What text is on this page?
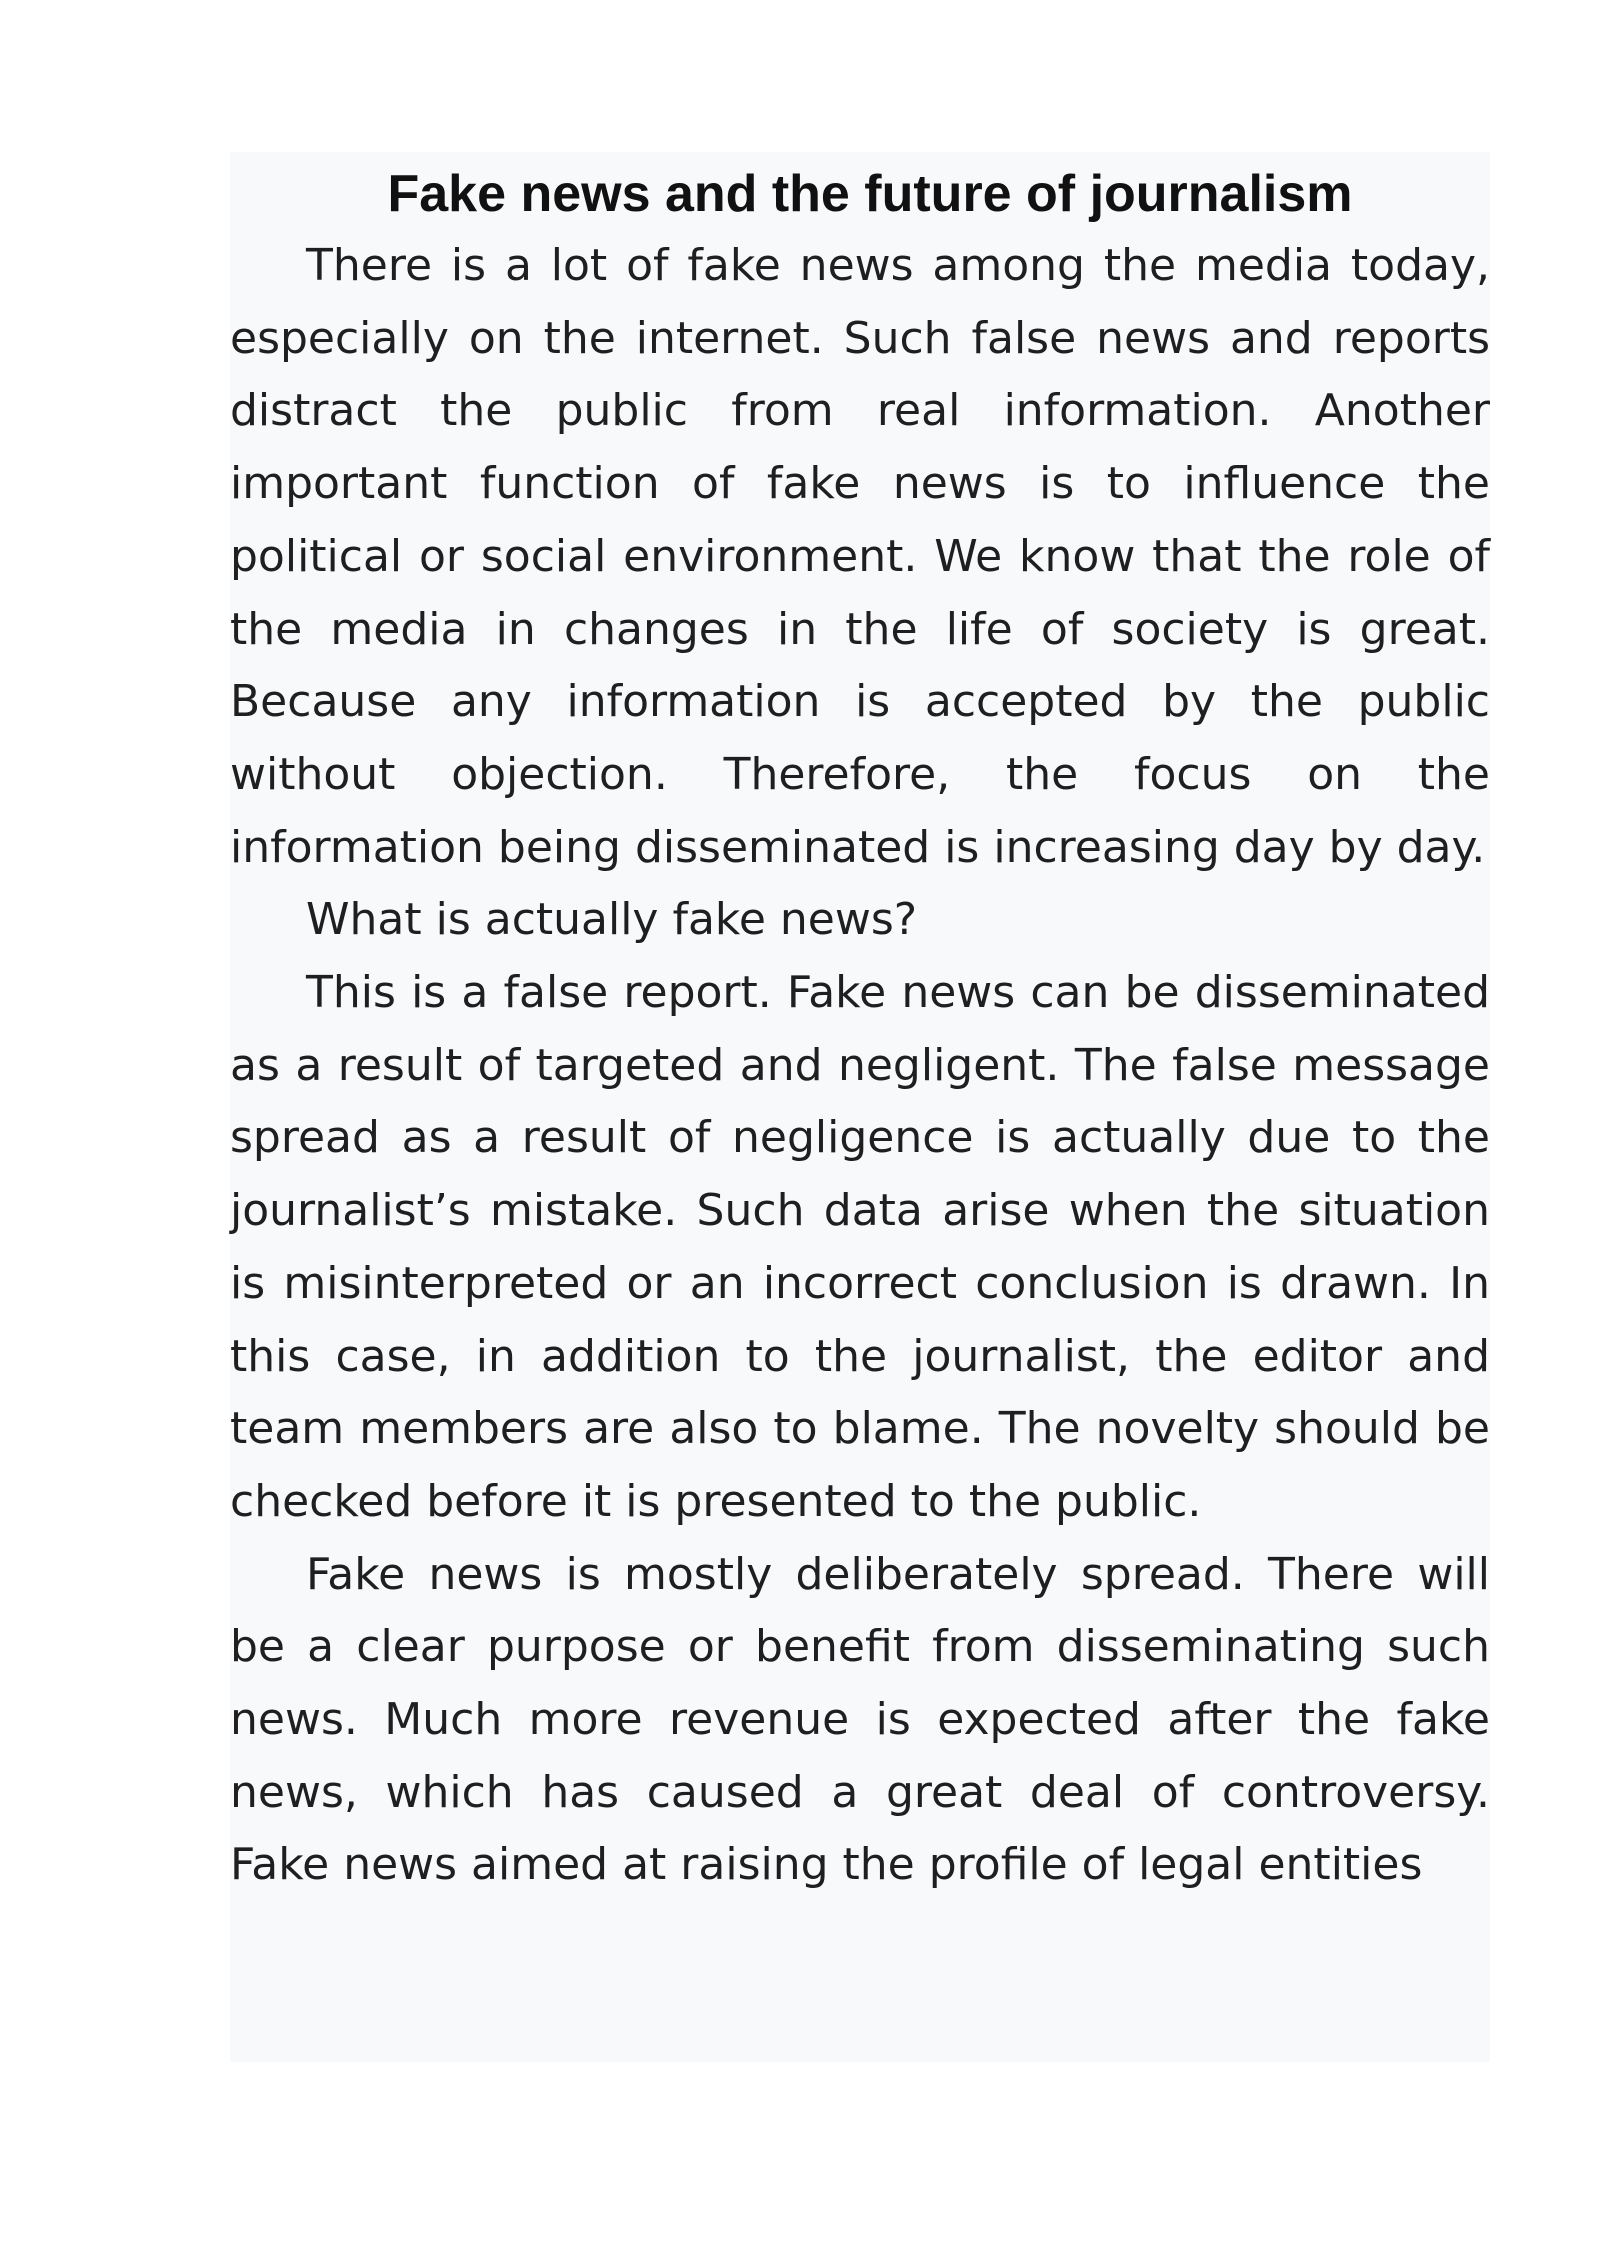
Fake news and the future of journalism

There is a lot of fake news among the media today, especially on the internet. Such false news and reports distract the public from real information. Another important function of fake news is to influence the political or social environment. We know that the role of the media in changes in the life of society is great. Because any information is accepted by the public without objection. Therefore, the focus on the information being disseminated is increasing day by day.

What is actually fake news?

This is a false report. Fake news can be disseminated as a result of targeted and negligent. The false message spread as a result of negligence is actually due to the journalist’s mistake. Such data arise when the situation is misinterpreted or an incorrect conclusion is drawn. In this case, in addition to the journalist, the editor and team members are also to blame. The novelty should be checked before it is presented to the public.

Fake news is mostly deliberately spread. There will be a clear purpose or benefit from disseminating such news. Much more revenue is expected after the fake news, which has caused a great deal of controversy. Fake news aimed at raising the profile of legal entities
